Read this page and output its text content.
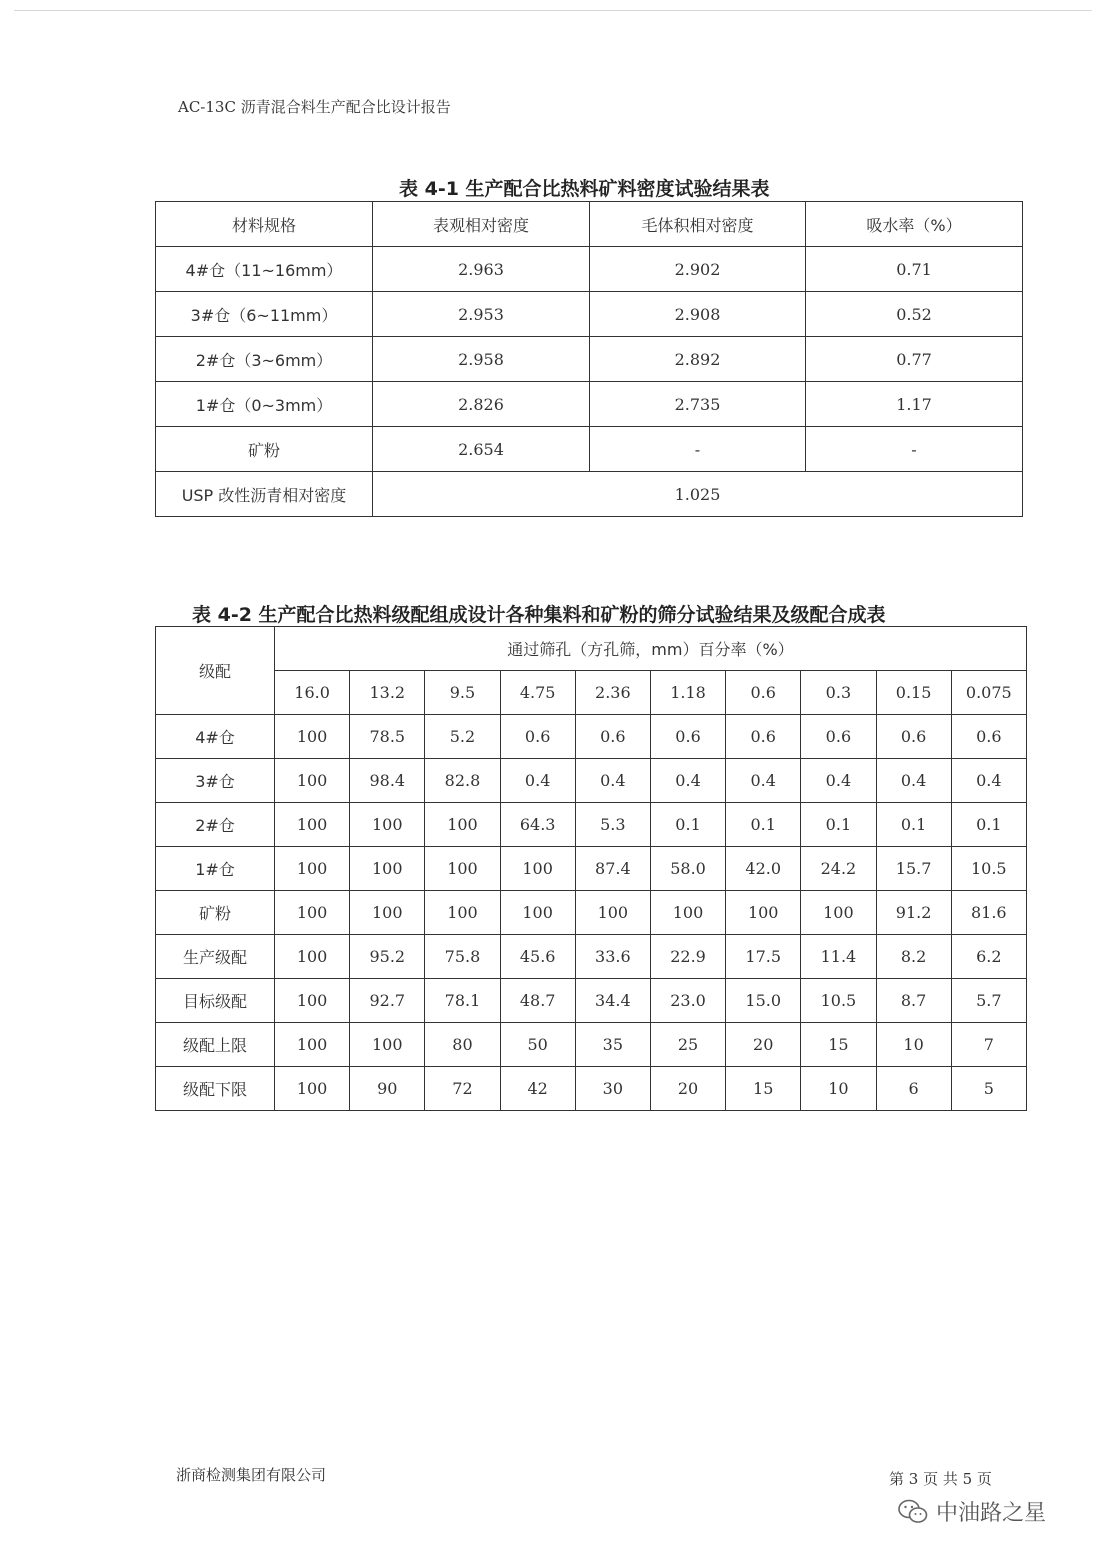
AC-13C 沥青混合料生产配合比设计报告
表 4-1 生产配合比热料矿料密度试验结果表
材料规格	表观相对密度	毛体积相对密度	吸水率（%）
4#仓（11~16mm）	2.963	2.902	0.71
3#仓（6~11mm）	2.953	2.908	0.52
2#仓（3~6mm）	2.958	2.892	0.77
1#仓（0~3mm）	2.826	2.735	1.17
矿粉	2.654	-	-
USP 改性沥青相对密度	1.025		
表 4-2 生产配合比热料级配组成设计各种集料和矿粉的筛分试验结果及级配合成表
级配	通过筛孔（方孔筛，mm）百分率（%）									
	16.0	13.2	9.5	4.75	2.36	1.18	0.6	0.3	0.15	0.075
4#仓	100	78.5	5.2	0.6	0.6	0.6	0.6	0.6	0.6	0.6
3#仓	100	98.4	82.8	0.4	0.4	0.4	0.4	0.4	0.4	0.4
2#仓	100	100	100	64.3	5.3	0.1	0.1	0.1	0.1	0.1
1#仓	100	100	100	100	87.4	58.0	42.0	24.2	15.7	10.5
矿粉	100	100	100	100	100	100	100	100	91.2	81.6
生产级配	100	95.2	75.8	45.6	33.6	22.9	17.5	11.4	8.2	6.2
目标级配	100	92.7	78.1	48.7	34.4	23.0	15.0	10.5	8.7	5.7
级配上限	100	100	80	50	35	25	20	15	10	7
级配下限	100	90	72	42	30	20	15	10	6	5
浙商检测集团有限公司	第 3 页 共 5 页
中油路之星
